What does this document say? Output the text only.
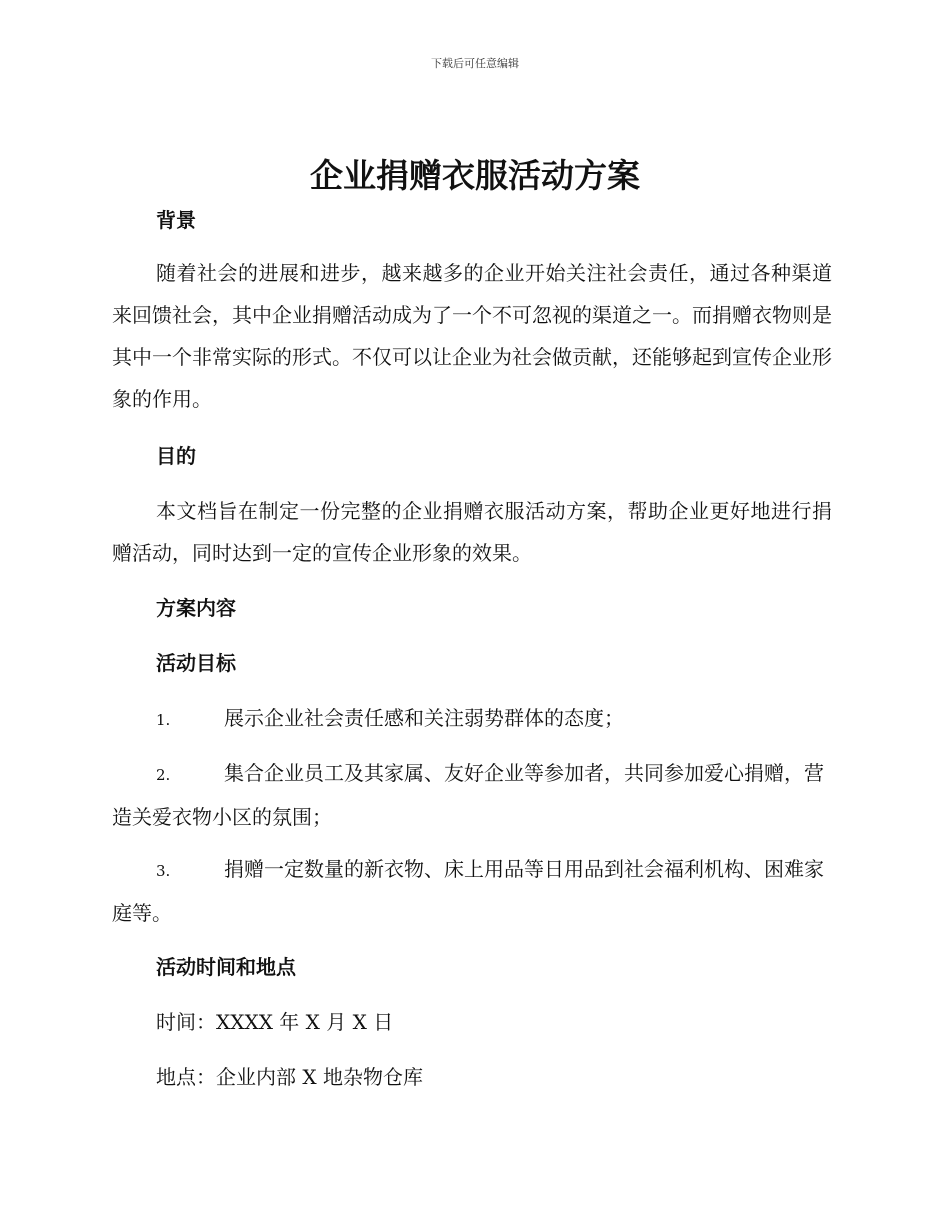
下载后可任意编辑
企业捐赠衣服活动方案
背景

随着社会的进展和进步，越来越多的企业开始关注社会责任，通过各种渠道来回馈社会，其中企业捐赠活动成为了一个不可忽视的渠道之一。而捐赠衣物则是其中一个非常实际的形式。不仅可以让企业为社会做贡献，还能够起到宣传企业形象的作用。

目的

本文档旨在制定一份完整的企业捐赠衣服活动方案，帮助企业更好地进行捐赠活动，同时达到一定的宣传企业形象的效果。

方案内容
活动目标

1.	展示企业社会责任感和关注弱势群体的态度；

2.	集合企业员工及其家属、友好企业等参加者，共同参加爱心捐赠，营造关爱衣物小区的氛围；

3.	捐赠一定数量的新衣物、床上用品等日用品到社会福利机构、困难家庭等。

活动时间和地点
时间：XXXX 年 X 月 X 日
地点：企业内部 X 地杂物仓库
